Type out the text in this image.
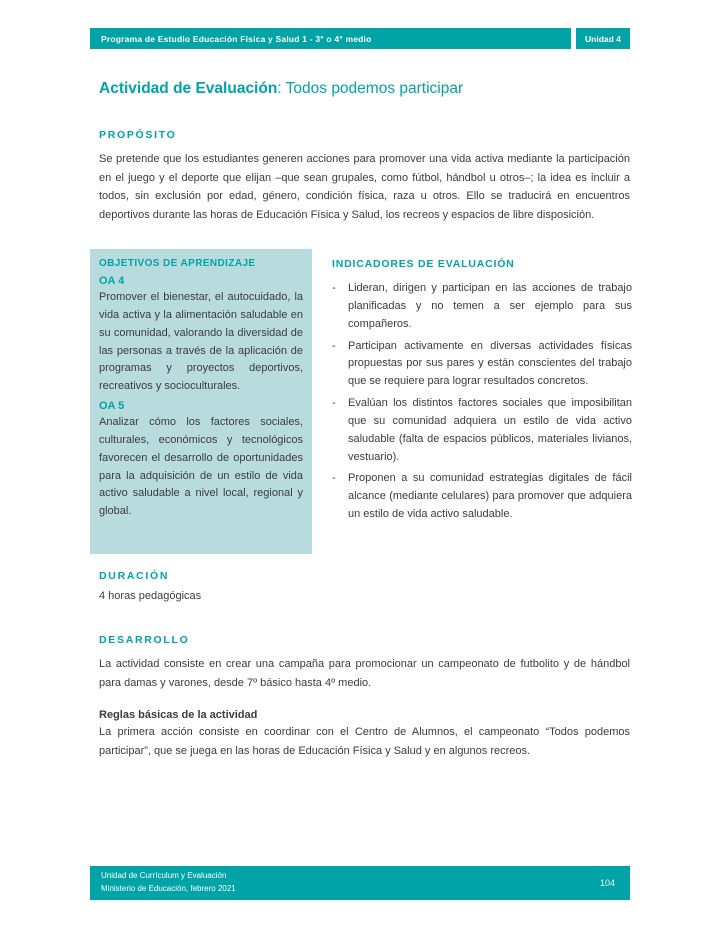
Programa de Estudio Educación Física y Salud 1 - 3° o 4° medio	Unidad 4
Actividad de Evaluación: Todos podemos participar
PROPÓSITO

Se pretende que los estudiantes generen acciones para promover una vida activa mediante la participación en el juego y el deporte que elijan –que sean grupales, como fútbol, hándbol u otros–; la idea es incluir a todos, sin exclusión por edad, género, condición física, raza u otros. Ello se traducirá en encuentros deportivos durante las horas de Educación Física y Salud, los recreos y espacios de libre disposición.

OBJETIVOS DE APRENDIZAJE

OA 4

Promover el bienestar, el autocuidado, la vida activa y la alimentación saludable en su comunidad, valorando la diversidad de las personas a través de la aplicación de programas y proyectos deportivos, recreativos y socioculturales.

OA 5

Analizar cómo los factores sociales, culturales, económicos y tecnológicos favorecen el desarrollo de oportunidades para la adquisición de un estilo de vida activo saludable a nivel local, regional y global.

INDICADORES DE EVALUACIÓN
-	Lideran, dirigen y participan en las acciones de trabajo planificadas y no temen a ser ejemplo para sus compañeros.
-	Participan activamente en diversas actividades físicas propuestas por sus pares y están conscientes del trabajo que se requiere para lograr resultados concretos.
-	Evalúan los distintos factores sociales que imposibilitan que su comunidad adquiera un estilo de vida activo saludable (falta de espacios públicos, materiales livianos, vestuario).
-	Proponen a su comunidad estrategias digitales de fácil alcance (mediante celulares) para promover que adquiera un estilo de vida activo saludable.
DURACIÓN

4 horas pedagógicas

DESARROLLO

La actividad consiste en crear una campaña para promocionar un campeonato de futbolito y de hándbol para damas y varones, desde 7º básico hasta 4º medio.

Reglas básicas de la actividad

La primera acción consiste en coordinar con el Centro de Alumnos, el campeonato “Todos podemos participar”, que se juega en las horas de Educación Física y Salud y en algunos recreos.

Unidad de Currículum y Evaluación
Ministerio de Educación, febrero 2021
104
